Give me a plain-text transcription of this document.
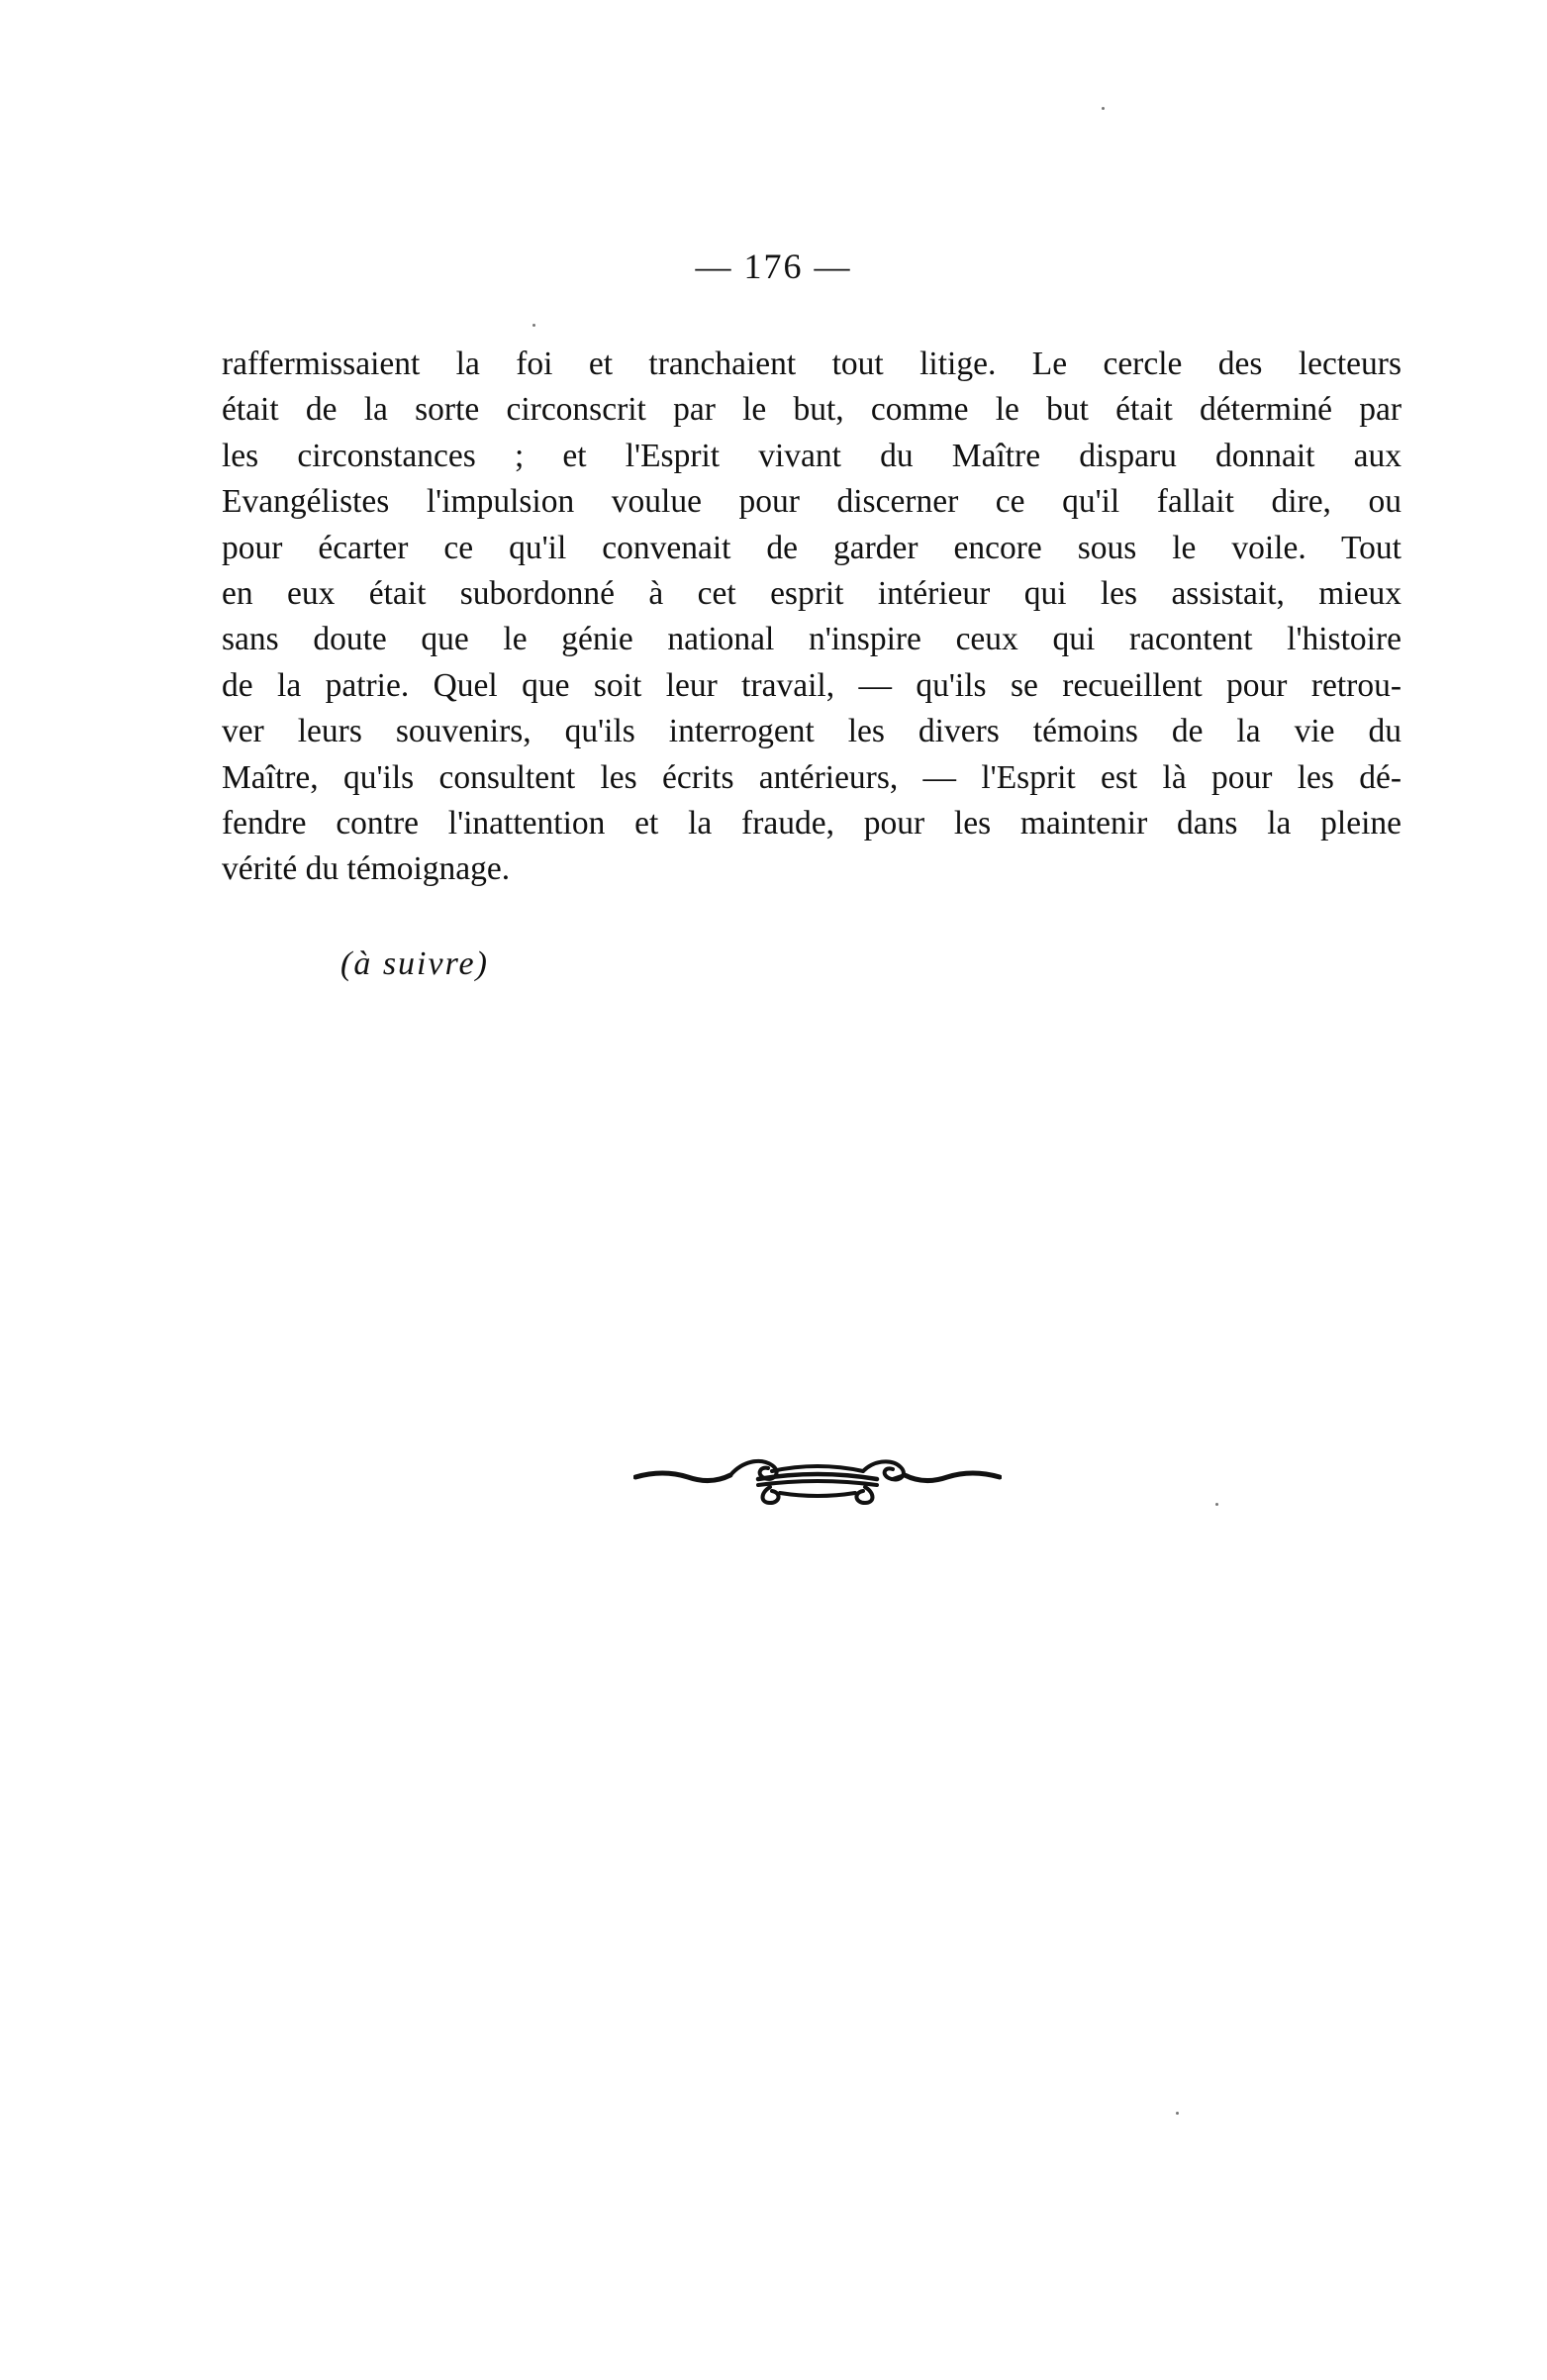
— 176 —
raffermissaient la foi et tranchaient tout litige. Le cercle des lecteurs
était de la sorte circonscrit par le but, comme le but était déterminé par
les circonstances ; et l'Esprit vivant du Maître disparu donnait aux
Evangélistes l'impulsion voulue pour discerner ce qu'il fallait dire, ou
pour écarter ce qu'il convenait de garder encore sous le voile. Tout
en eux était subordonné à cet esprit intérieur qui les assistait, mieux
sans doute que le génie national n'inspire ceux qui racontent l'histoire
de la patrie. Quel que soit leur travail, — qu'ils se recueillent pour retrou-
ver leurs souvenirs, qu'ils interrogent les divers témoins de la vie du
Maître, qu'ils consultent les écrits antérieurs, — l'Esprit est là pour les dé-
fendre contre l'inattention et la fraude, pour les maintenir dans la pleine
vérité du témoignage.
(à suivre)
